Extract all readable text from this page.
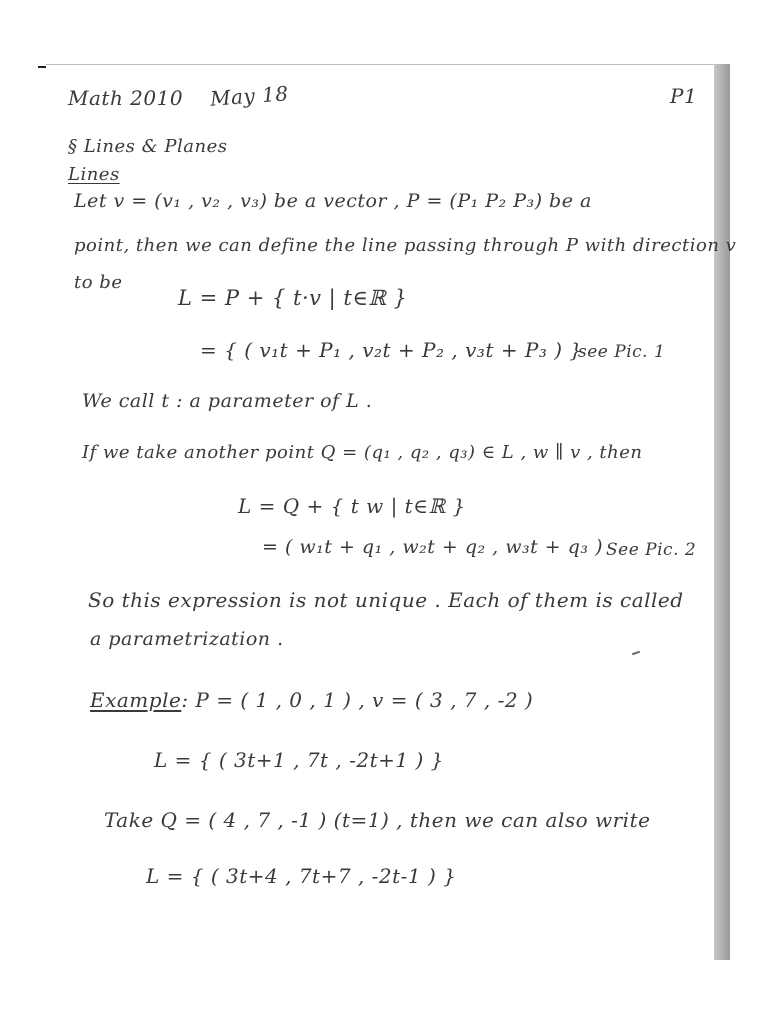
Math 2010 May 18	P1
§ Lines & Planes
Lines
Let v = (v₁ , v₂ , v₃) be a vector , P = (P₁ P₂ P₃) be a
point, then we can define the line passing through P with direction v
to be
L = P + { t·v | t∈ℝ }
= { ( v₁t + P₁ , v₂t + P₂ , v₃t + P₃ ) }
see Pic. 1
We call t : a parameter of L .
If we take another point Q = (q₁ , q₂ , q₃) ∈ L , w ∥ v , then
L = Q + { t w | t∈ℝ }
= ( w₁t + q₁ , w₂t + q₂ , w₃t + q₃ ) See Pic. 2
So this expression is not unique . Each of them is called
a parametrization .
Example: P = ( 1 , 0 , 1 ) , v = ( 3 , 7 , -2 )
L = { ( 3t+1 , 7t , -2t+1 ) }
Take Q = ( 4 , 7 , -1 ) (t=1) , then we can also write
L = { ( 3t+4 , 7t+7 , -2t-1 ) }
